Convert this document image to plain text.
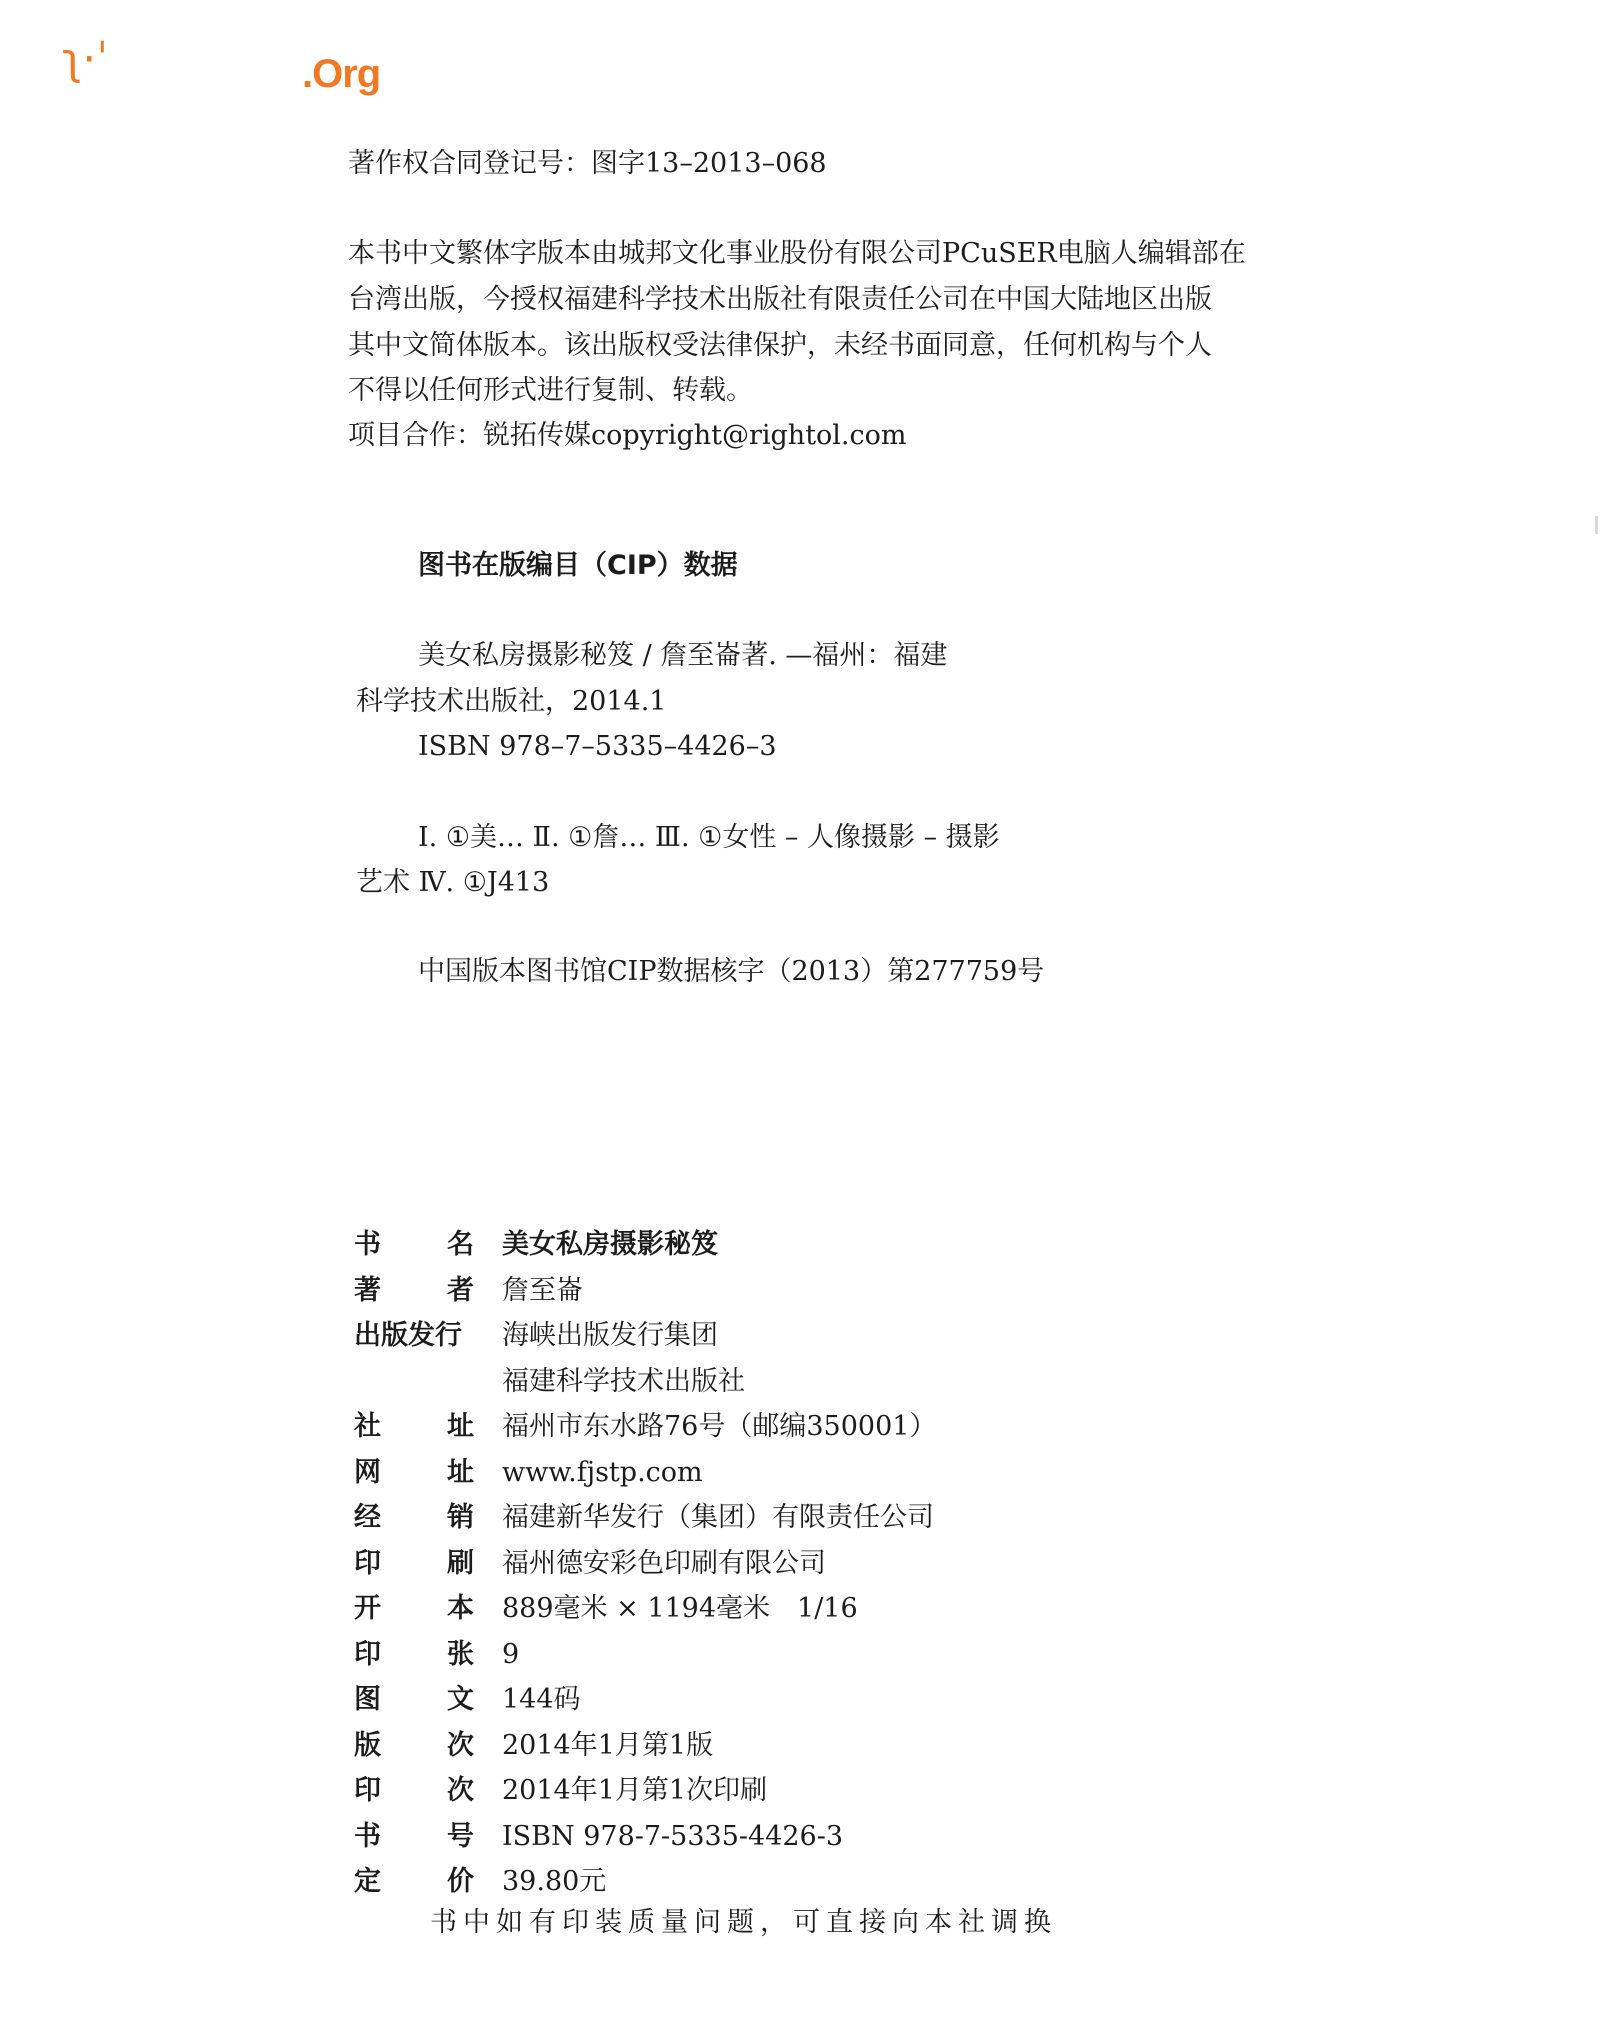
ʅ·ˈ	.Org
著作权合同登记号：图字13–2013–068
本书中文繁体字版本由城邦文化事业股份有限公司PCuSER电脑人编辑部在
台湾出版，今授权福建科学技术出版社有限责任公司在中国大陆地区出版
其中文简体版本。该出版权受法律保护，未经书面同意，任何机构与个人
不得以任何形式进行复制、转载。
项目合作：锐拓传媒copyright@rightol.com
图书在版编目（CIP）数据
美女私房摄影秘笈 / 詹至崙著. —福州：福建
科学技术出版社，2014.1
ISBN 978–7–5335–4426–3
Ⅰ. ①美… Ⅱ. ①詹… Ⅲ. ①女性 – 人像摄影 – 摄影
艺术 Ⅳ. ①J413
中国版本图书馆CIP数据核字（2013）第277759号
书 名 美女私房摄影秘笈
著 者 詹至崙
出版发行 海峡出版发行集团
福建科学技术出版社
社 址 福州市东水路76号（邮编350001）
网 址 www.fjstp.com
经 销 福建新华发行（集团）有限责任公司
印 刷 福州德安彩色印刷有限公司
开 本 889毫米 × 1194毫米　1/16
印 张 9
图 文 144码
版 次 2014年1月第1版
印 次 2014年1月第1次印刷
书 号 ISBN 978-7-5335-4426-3
定 价 39.80元
书中如有印装质量问题，可直接向本社调换
